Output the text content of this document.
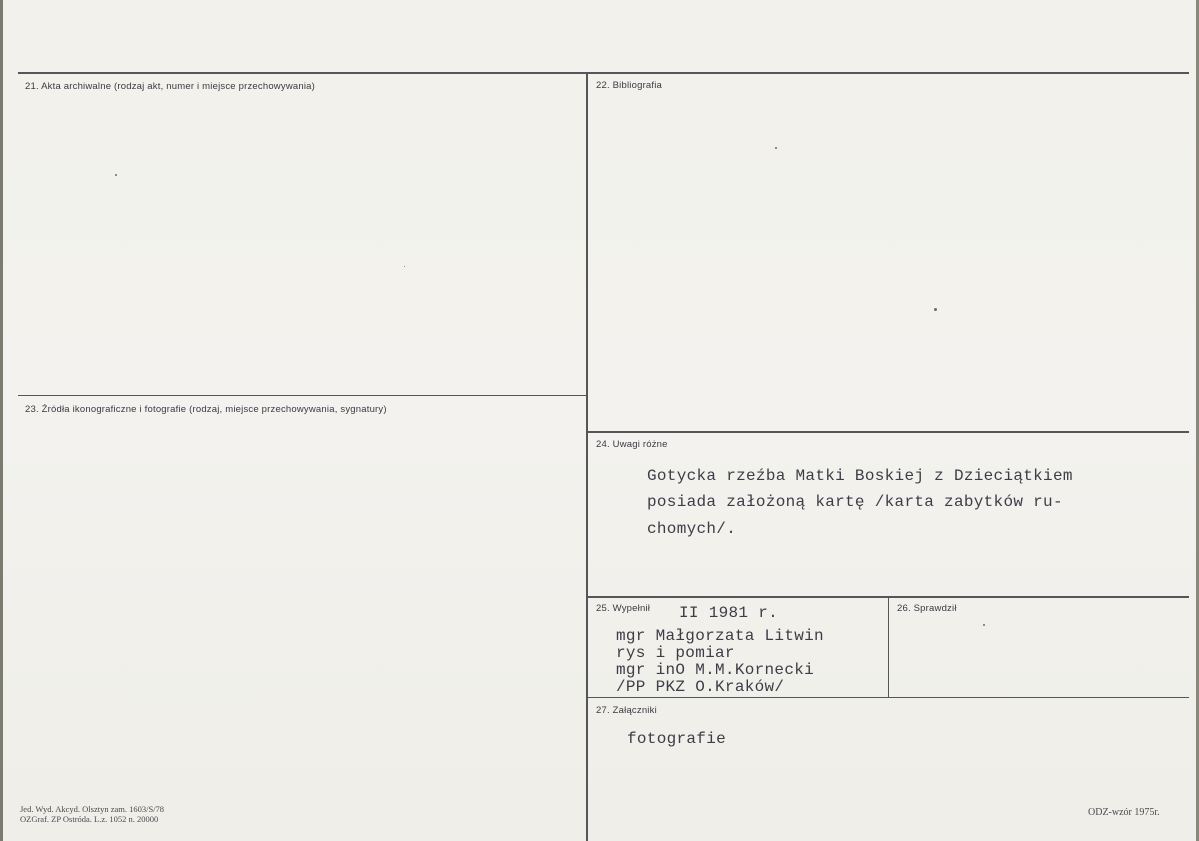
21. Akta archiwalne (rodzaj akt, numer i miejsce przechowywania)	22. Bibliografia
23. Źródła ikonograficzne i fotografie (rodzaj, miejsce przechowywania, sygnatury)
24. Uwagi różne
Gotycka rzeźba Matki Boskiej z Dzieciątkiem
posiada założoną kartę /karta zabytków ru-
chomych/.
25. Wypełnił II 1981 r.
mgr Małgorzata Litwin
rys i pomiar
mgr inO M.M.Kornecki
/PP PKZ O.Kraków/
26. Sprawdził
27. Załączniki
fotografie
Jed. Wyd. Akcyd. Olsztyn zam. 1603/S/78
OZGraf. ZP Ostróda. L.z. 1052 n. 20000
ODZ-wzór 1975r.
